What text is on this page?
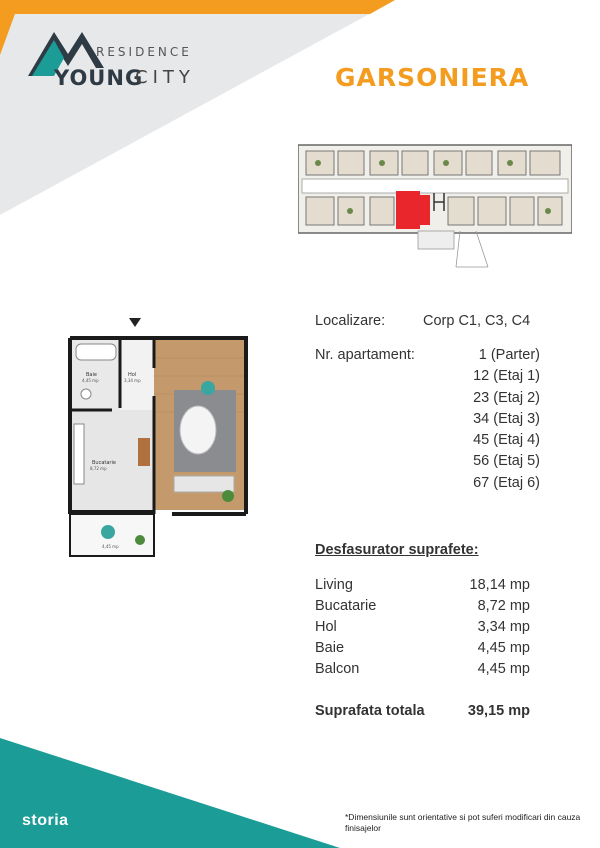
RESIDENCE
YOUNG
CITY	GARSONIERA
Baie
4,45 mp
Hol
3,34 mp
Bucatarie
8,72 mp
4,45 mp
Localizare:	Corp C1, C3, C4
Nr. apartament:	1 (Parter)
12 (Etaj 1)
23 (Etaj 2)
34 (Etaj 3)
45 (Etaj 4)
56 (Etaj 5)
67 (Etaj 6)
Desfasurator suprafete:
Living	18,14 mp
Bucatarie	8,72 mp
Hol	3,34 mp
Baie	4,45 mp
Balcon	4,45 mp
Suprafata totala	39,15 mp
storia	*Dimensiunile sunt orientative si pot suferi modificari din cauza finisajelor
